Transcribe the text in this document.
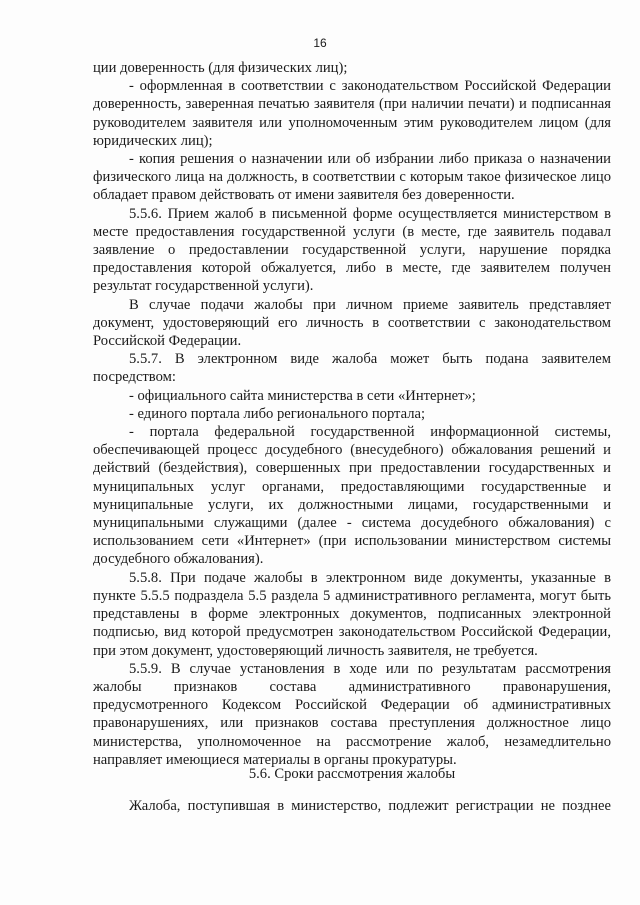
16

ции доверенность (для физических лиц);

- оформленная в соответствии с законодательством Российской Федерации доверенность, заверенная печатью заявителя (при наличии печати) и подписанная руководителем заявителя или уполномоченным этим руководителем лицом (для юридических лиц);

- копия решения о назначении или об избрании либо приказа о назначении физического лица на должность, в соответствии с которым такое физическое лицо обладает правом действовать от имени заявителя без доверенности.

5.5.6. Прием жалоб в письменной форме осуществляется министерством в месте предоставления государственной услуги (в месте, где заявитель подавал заявление о предоставлении государственной услуги, нарушение порядка предоставления которой обжалуется, либо в месте, где заявителем получен результат государственной услуги).

В случае подачи жалобы при личном приеме заявитель представляет документ, удостоверяющий его личность в соответствии с законодательством Российской Федерации.

5.5.7. В электронном виде жалоба может быть подана заявителем посредством:

- официального сайта министерства в сети «Интернет»;

- единого портала либо регионального портала;

- портала федеральной государственной информационной системы, обеспечивающей процесс досудебного (внесудебного) обжалования решений и действий (бездействия), совершенных при предоставлении государственных и муниципальных услуг органами, предоставляющими государственные и муниципальные услуги, их должностными лицами, государственными и муниципальными служащими (далее - система досудебного обжалования) с использованием сети «Интернет» (при использовании министерством системы досудебного обжалования).

5.5.8. При подаче жалобы в электронном виде документы, указанные в пункте 5.5.5 подраздела 5.5 раздела 5 административного регламента, могут быть представлены в форме электронных документов, подписанных электронной подписью, вид которой предусмотрен законодательством Российской Федерации, при этом документ, удостоверяющий личность заявителя, не требуется.

5.5.9. В случае установления в ходе или по результатам рассмотрения жалобы признаков состава административного правонарушения, предусмотренного Кодексом Российской Федерации об административных правонарушениях, или признаков состава преступления должностное лицо министерства, уполномоченное на рассмотрение жалоб, незамедлительно направляет имеющиеся материалы в органы прокуратуры.

5.6. Сроки рассмотрения жалобы
Жалоба, поступившая в министерство, подлежит регистрации не позднее
